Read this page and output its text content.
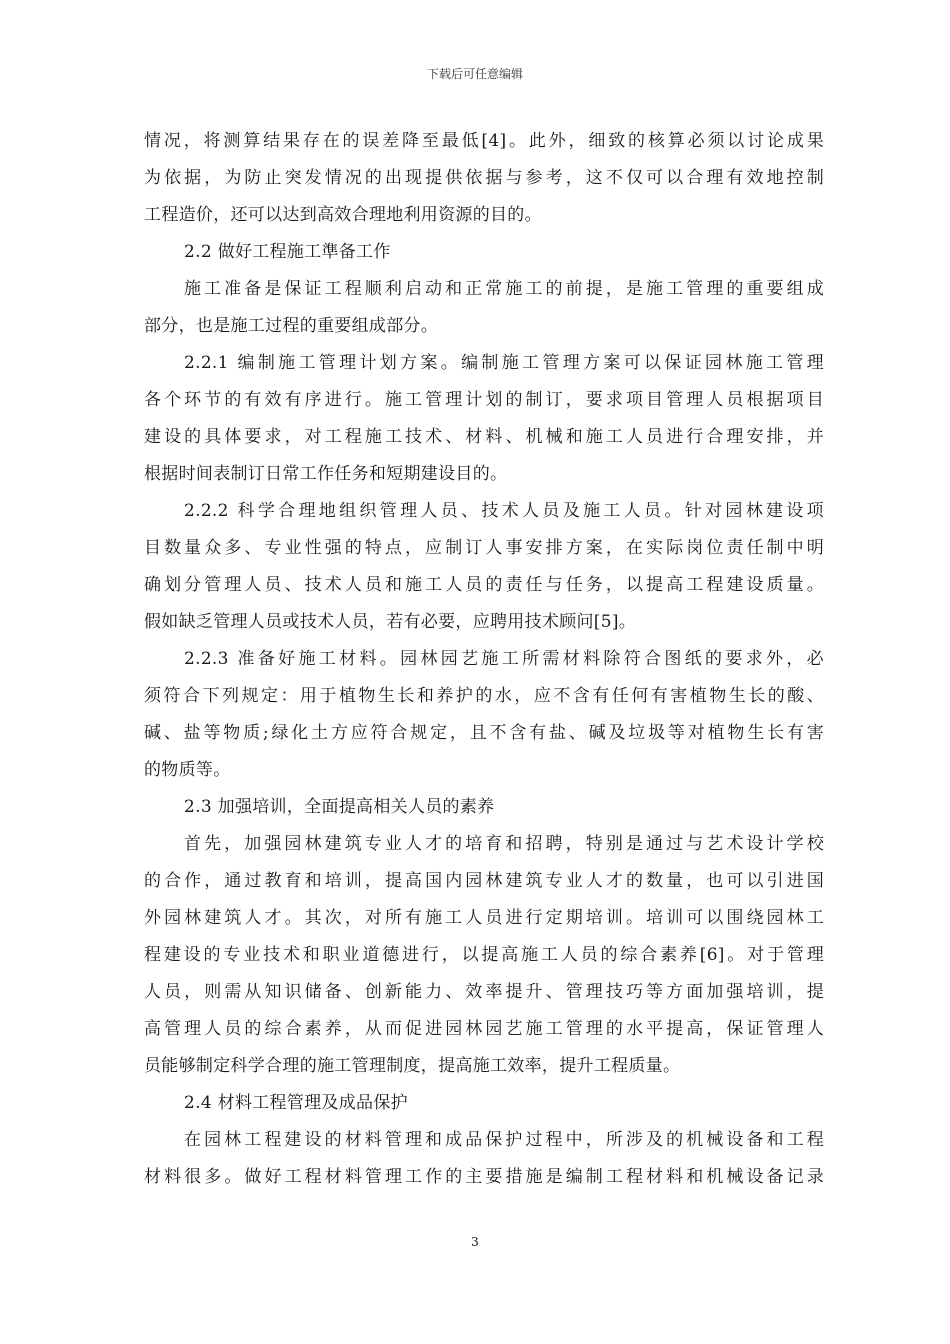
下载后可任意编辑
情况，将测算结果存在的误差降至最低[4]。此外，细致的核算必须以讨论成果
为依据，为防止突发情况的出现提供依据与参考，这不仅可以合理有效地控制
工程造价，还可以达到高效合理地利用资源的目的。
2.2 做好工程施工準备工作
施工准备是保证工程顺利启动和正常施工的前提，是施工管理的重要组成
部分，也是施工过程的重要组成部分。
2.2.1 编制施工管理计划方案。编制施工管理方案可以保证园林施工管理
各个环节的有效有序进行。施工管理计划的制订，要求项目管理人员根据项目
建设的具体要求，对工程施工技术、材料、机械和施工人员进行合理安排，并
根据时间表制订日常工作任务和短期建设目的。
2.2.2 科学合理地组织管理人员、技术人员及施工人员。针对园林建设项
目数量众多、专业性强的特点，应制订人事安排方案，在实际岗位责任制中明
确划分管理人员、技术人员和施工人员的责任与任务，以提高工程建设质量。
假如缺乏管理人员或技术人员，若有必要，应聘用技术顾问[5]。
2.2.3 准备好施工材料。园林园艺施工所需材料除符合图纸的要求外，必
须符合下列规定：用于植物生长和养护的水，应不含有任何有害植物生长的酸、
碱、盐等物质;绿化土方应符合规定，且不含有盐、碱及垃圾等对植物生长有害
的物质等。
2.3 加强培训，全面提高相关人员的素养
首先，加强园林建筑专业人才的培育和招聘，特别是通过与艺术设计学校
的合作，通过教育和培训，提高国内园林建筑专业人才的数量，也可以引进国
外园林建筑人才。其次，对所有施工人员进行定期培训。培训可以围绕园林工
程建设的专业技术和职业道德进行，以提高施工人员的综合素养[6]。对于管理
人员，则需从知识储备、创新能力、效率提升、管理技巧等方面加强培训，提
高管理人员的综合素养，从而促进园林园艺施工管理的水平提高，保证管理人
员能够制定科学合理的施工管理制度，提高施工效率，提升工程质量。
2.4 材料工程管理及成品保护
在园林工程建设的材料管理和成品保护过程中，所涉及的机械设备和工程
材料很多。做好工程材料管理工作的主要措施是编制工程材料和机械设备记录
3
